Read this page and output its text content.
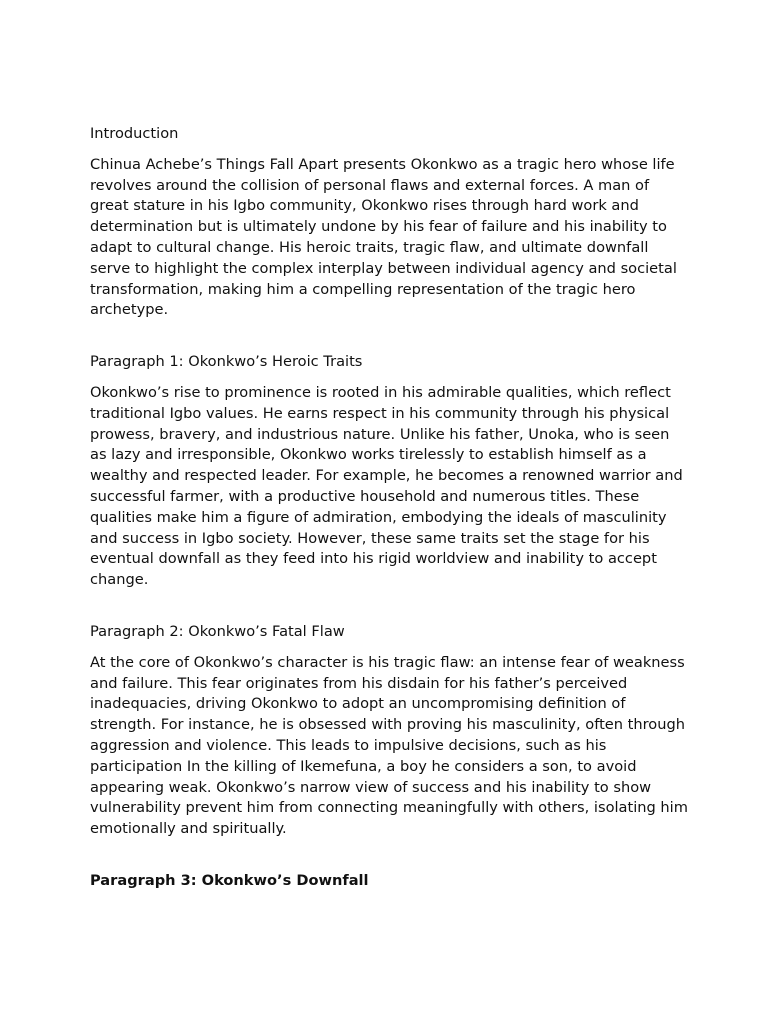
Introduction

Chinua Achebe’s Things Fall Apart presents Okonkwo as a tragic hero whose life revolves around the collision of personal flaws and external forces. A man of great stature in his Igbo community, Okonkwo rises through hard work and determination but is ultimately undone by his fear of failure and his inability to adapt to cultural change. His heroic traits, tragic flaw, and ultimate downfall serve to highlight the complex interplay between individual agency and societal transformation, making him a compelling representation of the tragic hero archetype.

Paragraph 1: Okonkwo’s Heroic Traits

Okonkwo’s rise to prominence is rooted in his admirable qualities, which reflect traditional Igbo values. He earns respect in his community through his physical prowess, bravery, and industrious nature. Unlike his father, Unoka, who is seen as lazy and irresponsible, Okonkwo works tirelessly to establish himself as a wealthy and respected leader. For example, he becomes a renowned warrior and successful farmer, with a productive household and numerous titles. These qualities make him a figure of admiration, embodying the ideals of masculinity and success in Igbo society. However, these same traits set the stage for his eventual downfall as they feed into his rigid worldview and inability to accept change.

Paragraph 2: Okonkwo’s Fatal Flaw

At the core of Okonkwo’s character is his tragic flaw: an intense fear of weakness and failure. This fear originates from his disdain for his father’s perceived inadequacies, driving Okonkwo to adopt an uncompromising definition of strength. For instance, he is obsessed with proving his masculinity, often through aggression and violence. This leads to impulsive decisions, such as his participation In the killing of Ikemefuna, a boy he considers a son, to avoid appearing weak. Okonkwo’s narrow view of success and his inability to show vulnerability prevent him from connecting meaningfully with others, isolating him emotionally and spiritually.

Paragraph 3: Okonkwo’s Downfall
